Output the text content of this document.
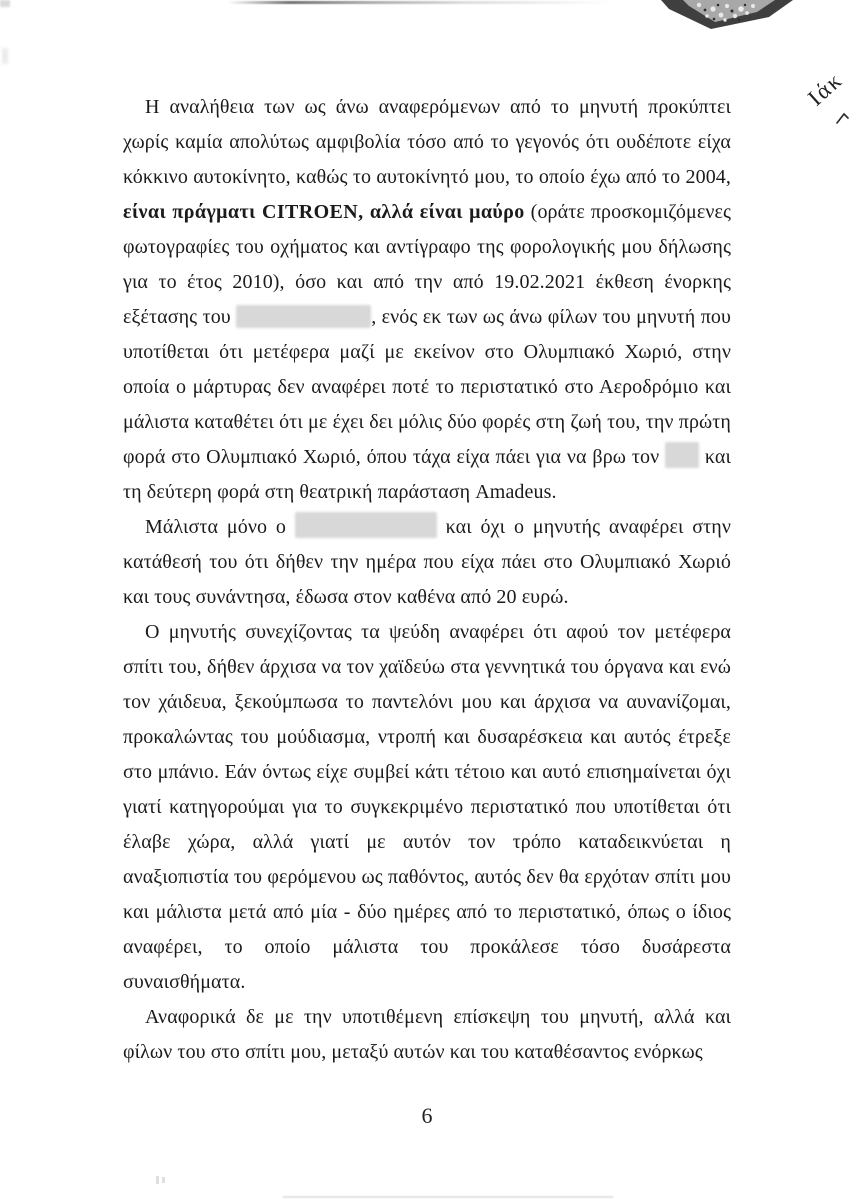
Ιάκ

Η αναλήθεια των ως άνω αναφερόμενων από το μηνυτή προκύπτει χωρίς καμία απολύτως αμφιβολία τόσο από το γεγονός ότι ουδέποτε είχα κόκκινο αυτοκίνητο, καθώς το αυτοκίνητό μου, το οποίο έχω από το 2004, είναι πράγματι CITROEN, αλλά είναι μαύρο (οράτε προσκομιζόμενες φωτογραφίες του οχήματος και αντίγραφο της φορολογικής μου δήλωσης για το έτος 2010), όσο και από την από 19.02.2021 έκθεση ένορκης εξέτασης του	, ενός εκ των ως άνω φίλων του μηνυτή που υποτίθεται ότι μετέφερα μαζί με εκείνον στο Ολυμπιακό Χωριό, στην οποία ο μάρτυρας δεν αναφέρει ποτέ το περιστατικό στο Αεροδρόμιο και μάλιστα καταθέτει ότι με έχει δει μόλις δύο φορές στη ζωή του, την πρώτη φορά στο Ολυμπιακό Χωριό, όπου τάχα είχα πάει για να βρω τον  και τη δεύτερη φορά στη θεατρική παράσταση Amadeus.

Μάλιστα μόνο ο	και όχι ο μηνυτής αναφέρει στην κατάθεσή του ότι δήθεν την ημέρα που είχα πάει στο Ολυμπιακό Χωριό και τους συνάντησα, έδωσα στον καθένα από 20 ευρώ.

Ο μηνυτής συνεχίζοντας τα ψεύδη αναφέρει ότι αφού τον μετέφερα σπίτι του, δήθεν άρχισα να τον χαϊδεύω στα γεννητικά του όργανα και ενώ τον χάιδευα, ξεκούμπωσα το παντελόνι μου και άρχισα να αυνανίζομαι, προκαλώντας του μούδιασμα, ντροπή και δυσαρέσκεια και αυτός έτρεξε στο μπάνιο. Εάν όντως είχε συμβεί κάτι τέτοιο και αυτό επισημαίνεται όχι γιατί κατηγορούμαι για το συγκεκριμένο περιστατικό που υποτίθεται ότι έλαβε χώρα, αλλά γιατί με αυτόν τον τρόπο καταδεικνύεται η αναξιοπιστία του φερόμενου ως παθόντος, αυτός δεν θα ερχόταν σπίτι μου και μάλιστα μετά από μία - δύο ημέρες από το περιστατικό, όπως ο ίδιος αναφέρει, το οποίο μάλιστα του προκάλεσε τόσο δυσάρεστα συναισθήματα.

Αναφορικά δε με την υποτιθέμενη επίσκεψη του μηνυτή, αλλά και φίλων του στο σπίτι μου, μεταξύ αυτών και του καταθέσαντος ενόρκως

6
